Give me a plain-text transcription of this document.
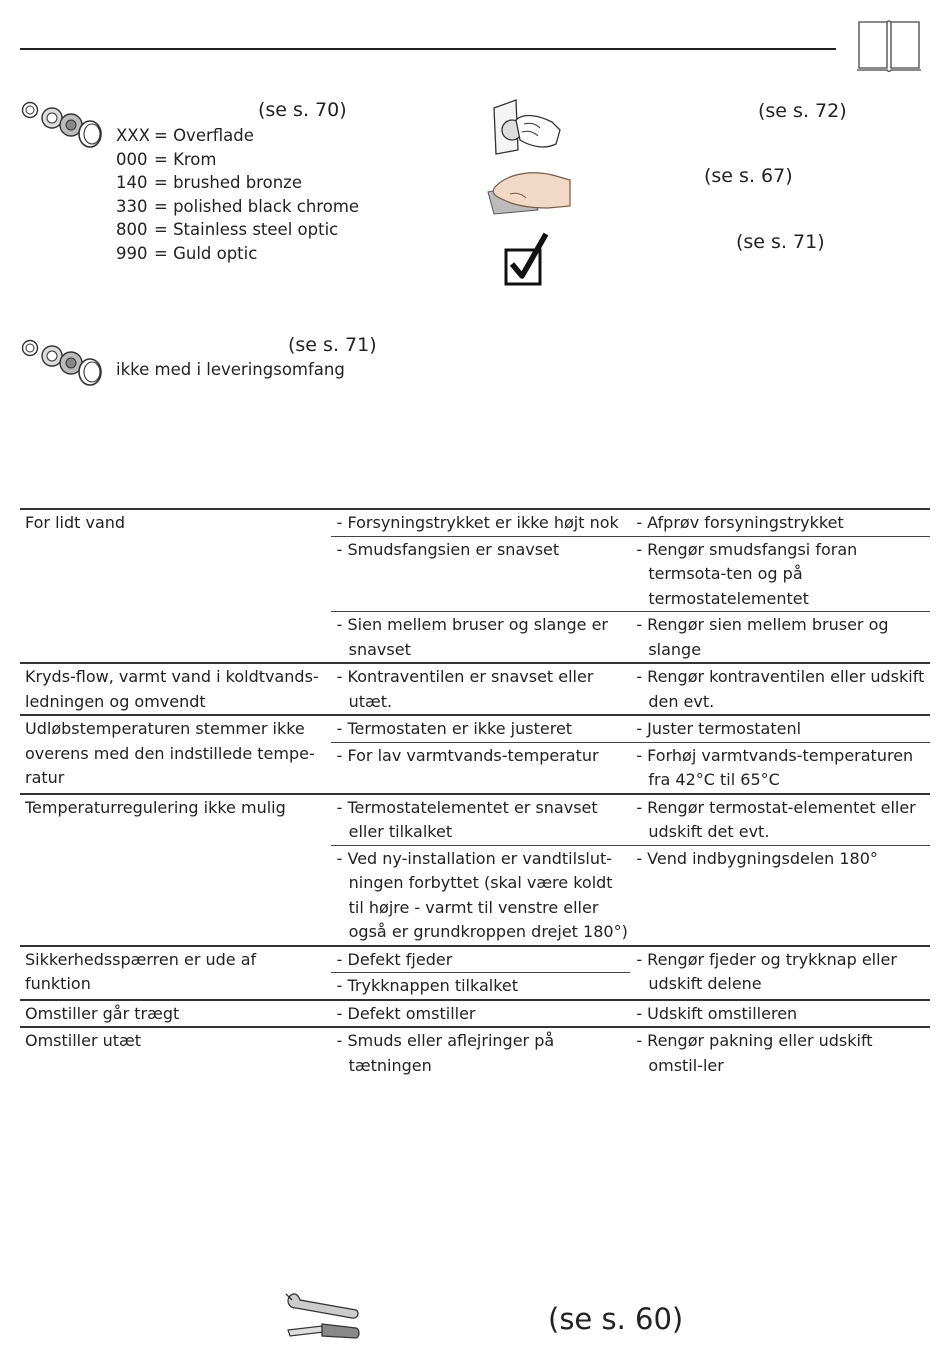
(se s. 70)
XXX = Overflade
000 = Krom
140 = brushed bronze
330 = polished black chrome
800 = Stainless steel optic
990 = Guld optic
(se s. 72)
(se s. 67)
(se s. 71)
(se s. 71)
ikke med i leveringsomfang
For lidt vand	- Forsyningstrykket er ikke højt nok	- Afprøv forsyningstrykket

	- Smudsfangsien er snavset	- Rengør smudsfangsi foran termsota-ten og på termostatelementet

	- Sien mellem bruser og slange er snavset	- Rengør sien mellem bruser og slange

Kryds-flow, varmt vand i koldtvands-ledningen og omvendt	- Kontraventilen er snavset eller utæt.	- Rengør kontraventilen eller udskift den evt.

Udløbstemperaturen stemmer ikke overens med den indstillede tempe-ratur	- Termostaten er ikke justeret	- Juster termostatenl

	- For lav varmtvands-temperatur	- Forhøj varmtvands-temperaturen fra 42°C til 65°C

Temperaturregulering ikke mulig	- Termostatelementet er snavset eller tilkalket	- Rengør termostat-elementet eller udskift det evt.

	- Ved ny-installation er vandtilslut-ningen forbyttet (skal være koldt til højre - varmt til venstre eller også er grundkroppen drejet 180°)	- Vend indbygningsdelen 180°

Sikkerhedsspærren er ude af funktion	- Defekt fjeder	- Rengør fjeder og trykknap eller udskift delene

	- Trykknappen tilkalket	

Omstiller går trægt	- Defekt omstiller	- Udskift omstilleren

Omstiller utæt	- Smuds eller aflejringer på tætningen	- Rengør pakning eller udskift omstil-ler
(se s. 60)
